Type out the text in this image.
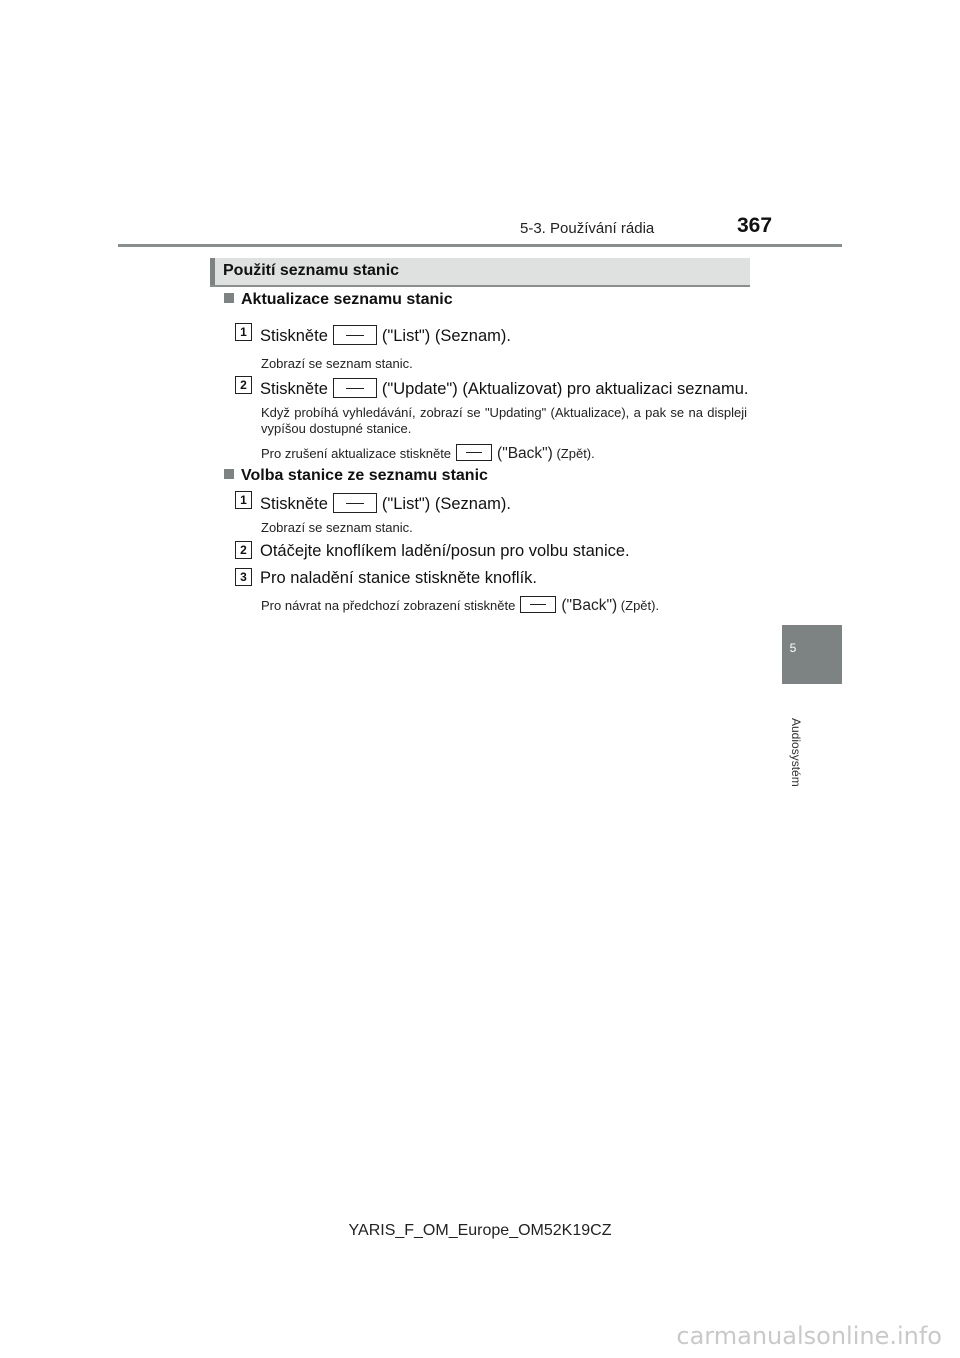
5-3. Používání rádia	367
5
Audiosystém
Použití seznamu stanic
Aktualizace seznamu stanic
1 Stiskněte	("List") (Seznam).
Zobrazí se seznam stanic.
2 Stiskněte	("Update") (Aktualizovat) pro aktualizaci seznamu.
Když probíhá vyhledávání, zobrazí se "Updating" (Aktualizace), a pak se na displeji vypíšou dostupné stanice.
Pro zrušení aktualizace stiskněte	("Back") (Zpět).
Volba stanice ze seznamu stanic
1 Stiskněte	("List") (Seznam).
Zobrazí se seznam stanic.
2 Otáčejte knoflíkem ladění/posun pro volbu stanice.
3 Pro naladění stanice stiskněte knoflík.
Pro návrat na předchozí zobrazení stiskněte	("Back") (Zpět).
YARIS_F_OM_Europe_OM52K19CZ
carmanualsonline.info
